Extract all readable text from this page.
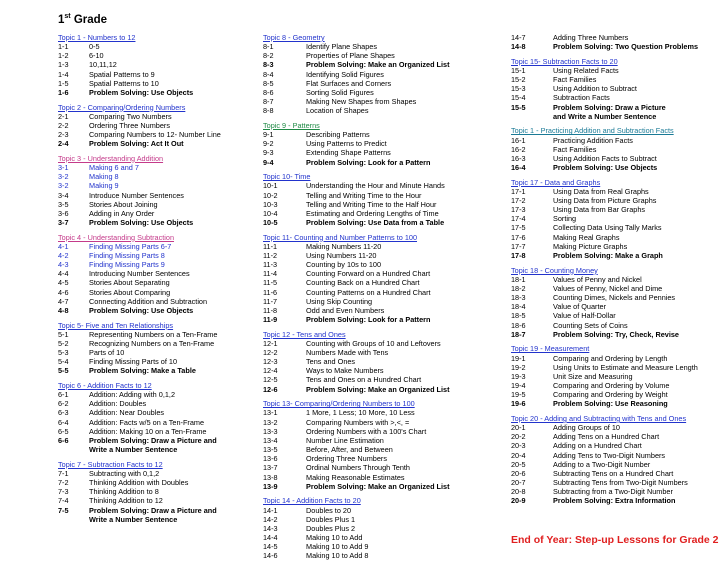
1st Grade
Topic 1 - Numbers to 12
1-1	0-5
1-2	6-10
1-3	10,11,12
1-4	Spatial Patterns to 9
1-5	Spatial Patterns to 10
1-6	Problem Solving: Use Objects
Topic 2 - Comparing/Ordering Numbers
2-1	Comparing Two Numbers
2-2	Ordering Three Numbers
2-3	Comparing Numbers to 12- Number Line
2-4	Problem Solving: Act It Out
Topic 3 - Understanding Addition
3-1	Making 6 and 7
3-2	Making 8
3-2	Making 9
3-4	Introduce Number Sentences
3-5	Stories About Joining
3-6	Adding in Any Order
3-7	Problem Solving: Use Objects
Topic 4 - Understanding Subtraction
4-1	Finding Missing Parts 6-7
4-2	Finding Missing Parts 8
4-3	Finding Missing Parts 9
4-4	Introducing Number Sentences
4-5	Stories About Separating
4-6	Stories About Comparing
4-7	Connecting Addition and Subtraction
4-8	Problem Solving: Use Objects
Topic 5- Five and Ten Relationships
5-1	Representing Numbers on a Ten-Frame
5-2	Recognizing Numbers on a Ten-Frame
5-3	Parts of 10
5-4	Finding Missing Parts of 10
5-5	Problem Solving: Make a Table
Topic 6 - Addition Facts to 12
6-1	Addition: Adding with 0,1,2
6-2	Addition: Doubles
6-3	Addition: Near Doubles
6-4	Addition: Facts w/5 on a Ten-Frame
6-5	Addition: Making 10 on a Ten-Frame
6-6	Problem Solving: Draw a Picture and
Write a Number Sentence
Topic 7 - Subtraction Facts to 12
7-1	Subtracting with 0,1,2
7-2	Thinking Addition with Doubles
7-3	Thinking Addition to 8
7-4	Thinking Addition to 12
7-5	Problem Solving: Draw a Picture and
Write a Number Sentence
Topic 8 - Geometry
8-1	Identify Plane Shapes
8-2	Properties of Plane Shapes
8-3	Problem Solving: Make an Organized List
8-4	Identifying Solid Figures
8-5	Flat Surfaces and Corners
8-6	Sorting Solid Figures
8-7	Making New Shapes from Shapes
8-8	Location of Shapes
Topic 9 - Patterns
9-1	Describing Patterns
9-2	Using Patterns to Predict
9-3	Extending Shape Patterns
9-4	Problem Solving: Look for a Pattern
Topic 10- Time
10-1	Understanding the Hour and Minute Hands
10-2	Telling and Writing Time to the Hour
10-3	Telling and Writing Time to the Half Hour
10-4	Estimating and Ordering Lengths of Time
10-5	Problem Solving: Use Data from a Table
Topic 11- Counting and Number Patterns to 100
11-1	Making Numbers 11-20
11-2	Using Numbers 11-20
11-3	Counting by 10s to 100
11-4	Counting Forward on a Hundred Chart
11-5	Counting Back on a Hundred Chart
11-6	Counting Patterns on a Hundred Chart
11-7	Using Skip Counting
11-8	Odd and Even Numbers
11-9	Problem Solving: Look for a Pattern
Topic 12 - Tens and Ones
12-1	Counting with Groups of 10 and Leftovers
12-2	Numbers Made with Tens
12-3	Tens and Ones
12-4	Ways to Make Numbers
12-5	Tens and Ones on a Hundred Chart
12-6	Problem Solving: Make an Organized List
Topic 13- Comparing/Ordering Numbers to 100
13-1	1 More, 1 Less; 10 More, 10 Less
13-2	Comparing Numbers with >,<, =
13-3	Ordering Numbers with a 100's Chart
13-4	Number Line Estimation
13-5	Before, After, and Between
13-6	Ordering Three Numbers
13-7	Ordinal Numbers Through Tenth
13-8	Making Reasonable Estimates
13-9	Problem Solving: Make an Organized List
Topic 14 - Addition Facts to 20
14-1	Doubles to 20
14-2	Doubles Plus 1
14-3	Doubles Plus 2
14-4	Making 10 to Add
14-5	Making 10 to Add 9
14-6	Making 10 to Add 8
14-7	Adding Three Numbers
14-8	Problem Solving: Two Question Problems
Topic 15- Subtraction Facts to 20
15-1	Using Related Facts
15-2	Fact Families
15-3	Using Addition to Subtract
15-4	Subtraction Facts
15-5	Problem Solving: Draw a Picture
and Write a Number Sentence
Topic 1 - Practicing Addition and Subtraction Facts
16-1	Practicing Addition Facts
16-2	Fact Families
16-3	Using Addition Facts to Subtract
16-4	Problem Solving: Use Objects
Topic 17 - Data and Graphs
17-1	Using Data from Real Graphs
17-2	Using Data from Picture Graphs
17-3	Using Data from Bar Graphs
17-4	Sorting
17-5	Collecting Data Using Tally Marks
17-6	Making Real Graphs
17-7	Making Picture Graphs
17-8	Problem Solving: Make a Graph
Topic 18 - Counting Money
18-1	Values of Penny and Nickel
18-2	Values of Penny, Nickel and Dime
18-3	Counting Dimes, Nickels and Pennies
18-4	Value of Quarter
18-5	Value of Half-Dollar
18-6	Counting Sets of Coins
18-7	Problem Solving: Try, Check, Revise
Topic 19 - Measurement
19-1	Comparing and Ordering by Length
19-2	Using Units to Estimate and Measure Length
19-3	Unit Size and Measuring
19-4	Comparing and Ordering by Volume
19-5	Comparing and Ordering by Weight
19-6	Problem Solving: Use Reasoning
Topic 20 - Adding and Subtracting with Tens and Ones
20-1	Adding Groups of 10
20-2	Adding Tens on a Hundred Chart
20-3	Adding on a Hundred Chart
20-4	Adding Tens to Two-Digit Numbers
20-5	Adding to a Two-Digit Number
20-6	Subtracting Tens on a Hundred Chart
20-7	Subtracting Tens from Two-Digit Numbers
20-8	Subtracting from a Two-Digit Number
20-9	Problem Solving: Extra Information
End of Year: Step-up Lessons for Grade 2
